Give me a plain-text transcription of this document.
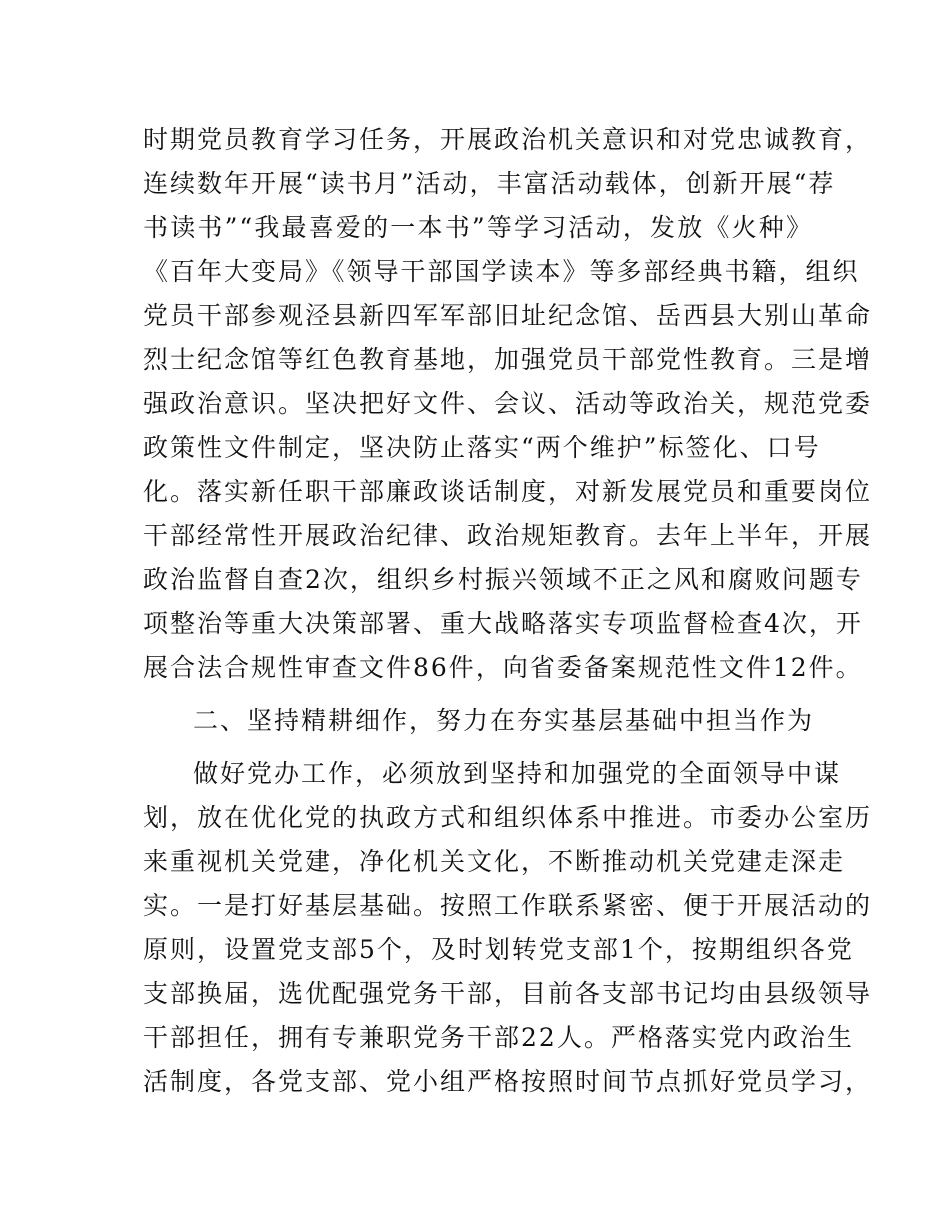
时期党员教育学习任务，开展政治机关意识和对党忠诚教育，
连续数年开展“读书月”活动，丰富活动载体，创新开展“荐
书读书”“我最喜爱的一本书”等学习活动，发放《火种》
《百年大变局》《领导干部国学读本》等多部经典书籍，组织
党员干部参观泾县新四军军部旧址纪念馆、岳西县大别山革命
烈士纪念馆等红色教育基地，加强党员干部党性教育。三是增
强政治意识。坚决把好文件、会议、活动等政治关，规范党委
政策性文件制定，坚决防止落实“两个维护”标签化、口号
化。落实新任职干部廉政谈话制度，对新发展党员和重要岗位
干部经常性开展政治纪律、政治规矩教育。去年上半年，开展
政治监督自查2次，组织乡村振兴领域不正之风和腐败问题专
项整治等重大决策部署、重大战略落实专项监督检查4次，开
展合法合规性审查文件86件，向省委备案规范性文件12件。
二、坚持精耕细作，努力在夯实基层基础中担当作为
做好党办工作，必须放到坚持和加强党的全面领导中谋
划，放在优化党的执政方式和组织体系中推进。市委办公室历
来重视机关党建，净化机关文化，不断推动机关党建走深走
实。一是打好基层基础。按照工作联系紧密、便于开展活动的
原则，设置党支部5个，及时划转党支部1个，按期组织各党
支部换届，选优配强党务干部，目前各支部书记均由县级领导
干部担任，拥有专兼职党务干部22人。严格落实党内政治生
活制度，各党支部、党小组严格按照时间节点抓好党员学习，
